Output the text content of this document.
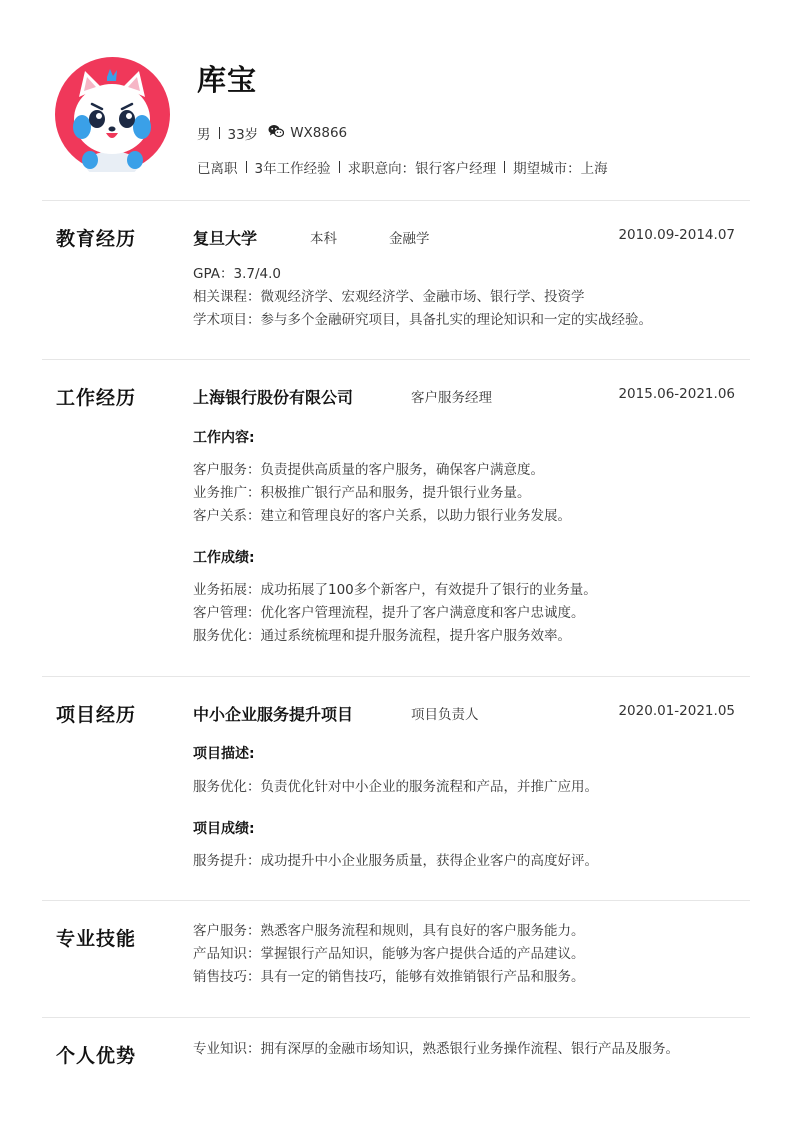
库宝
男 33岁 WX8866
已离职 3年工作经验 求职意向：银行客户经理 期望城市：上海
教育经历	复旦大学	本科	金融学	2010.09-2014.07
GPA：3.7/4.0
相关课程：微观经济学、宏观经济学、金融市场、银行学、投资学
学术项目：参与多个金融研究项目，具备扎实的理论知识和一定的实战经验。
工作经历	上海银行股份有限公司	客户服务经理	2015.06-2021.06
工作内容:
客户服务：负责提供高质量的客户服务，确保客户满意度。
业务推广：积极推广银行产品和服务，提升银行业务量。
客户关系：建立和管理良好的客户关系，以助力银行业务发展。
工作成绩:
业务拓展：成功拓展了100多个新客户，有效提升了银行的业务量。
客户管理：优化客户管理流程，提升了客户满意度和客户忠诚度。
服务优化：通过系统梳理和提升服务流程，提升客户服务效率。
项目经历	中小企业服务提升项目	项目负责人	2020.01-2021.05
项目描述:
服务优化：负责优化针对中小企业的服务流程和产品，并推广应用。
项目成绩:
服务提升：成功提升中小企业服务质量，获得企业客户的高度好评。
专业技能	客户服务：熟悉客户服务流程和规则，具有良好的客户服务能力。
产品知识：掌握银行产品知识，能够为客户提供合适的产品建议。
销售技巧：具有一定的销售技巧，能够有效推销银行产品和服务。
个人优势	专业知识：拥有深厚的金融市场知识，熟悉银行业务操作流程、银行产品及服务。
